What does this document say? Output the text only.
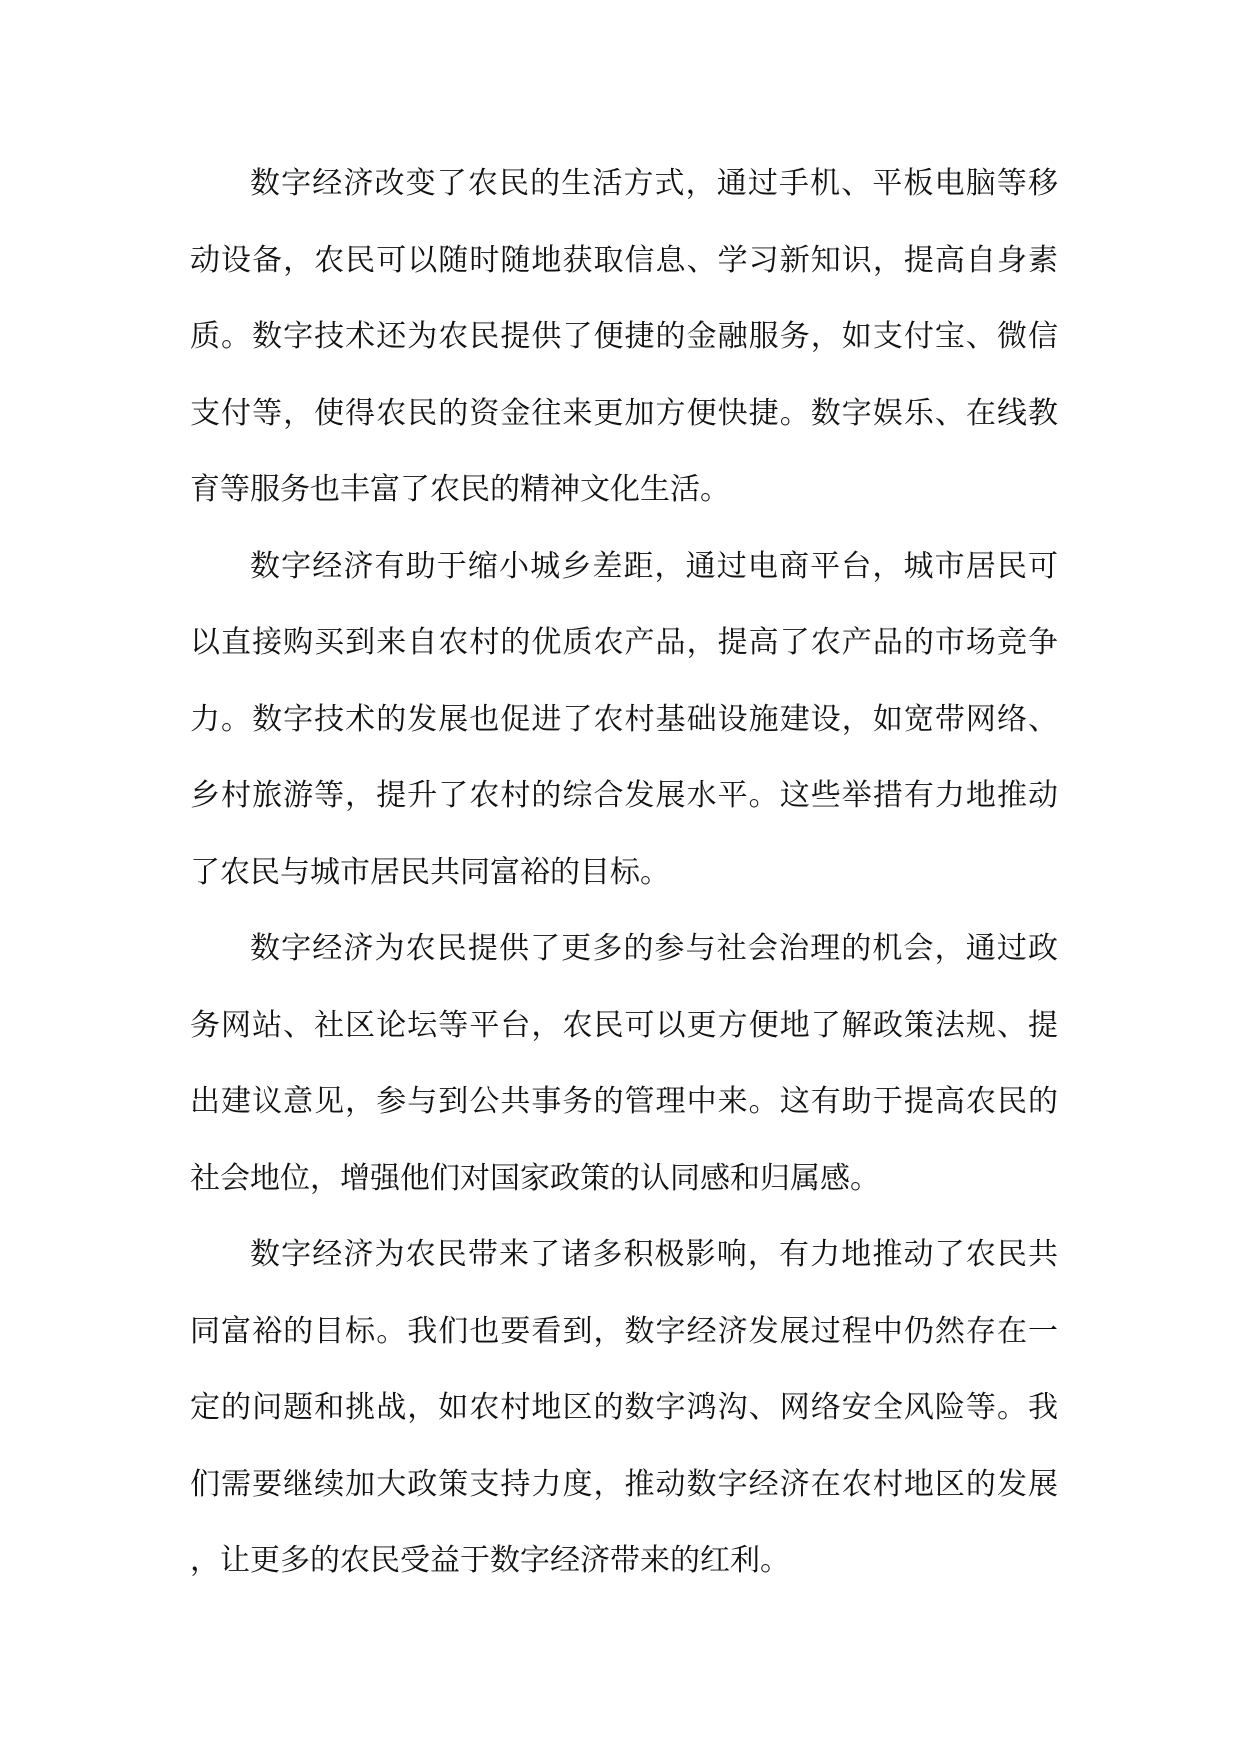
数字经济改变了农民的生活方式，通过手机、平板电脑等移动设备，农民可以随时随地获取信息、学习新知识，提高自身素质。数字技术还为农民提供了便捷的金融服务，如支付宝、微信支付等，使得农民的资金往来更加方便快捷。数字娱乐、在线教育等服务也丰富了农民的精神文化生活。

数字经济有助于缩小城乡差距，通过电商平台，城市居民可以直接购买到来自农村的优质农产品，提高了农产品的市场竞争力。数字技术的发展也促进了农村基础设施建设，如宽带网络、乡村旅游等，提升了农村的综合发展水平。这些举措有力地推动了农民与城市居民共同富裕的目标。

数字经济为农民提供了更多的参与社会治理的机会，通过政务网站、社区论坛等平台，农民可以更方便地了解政策法规、提出建议意见，参与到公共事务的管理中来。这有助于提高农民的社会地位，增强他们对国家政策的认同感和归属感。

数字经济为农民带来了诸多积极影响，有力地推动了农民共同富裕的目标。我们也要看到，数字经济发展过程中仍然存在一定的问题和挑战，如农村地区的数字鸿沟、网络安全风险等。我们需要继续加大政策支持力度，推动数字经济在农村地区的发展，让更多的农民受益于数字经济带来的红利。
